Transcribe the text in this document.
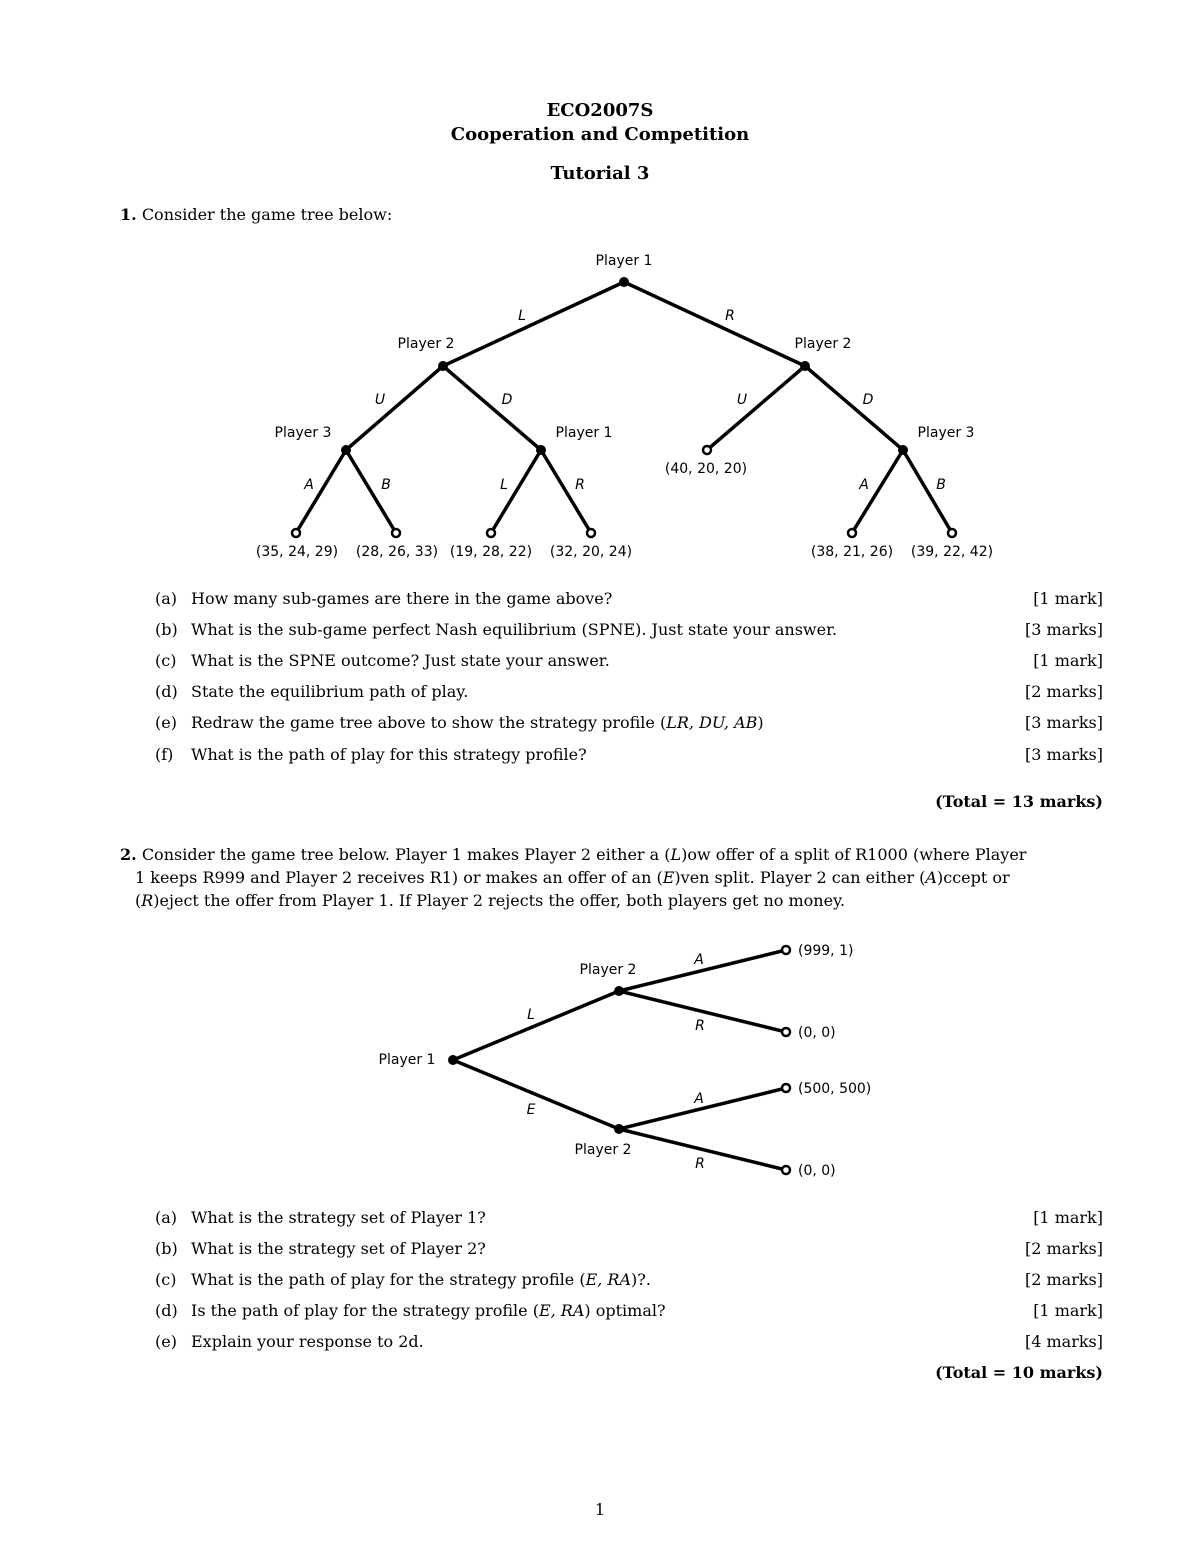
ECO2007S
Cooperation and Competition
Tutorial 3
1. Consider the game tree below:
Player 1
Player 2	Player 2
Player 3	Player 1	Player 3
L	R
U	D	U	D
A	B	L	R	A	B
(40, 20, 20)
(35, 24, 29) (28, 26, 33) (19, 28, 22) (32, 20, 24)	(38, 21, 26) (39, 22, 42)
(a) How many sub-games are there in the game above?	[1 mark]
(b) What is the sub-game perfect Nash equilibrium (SPNE). Just state your answer.	[3 marks]
(c) What is the SPNE outcome? Just state your answer.	[1 mark]
(d) State the equilibrium path of play.	[2 marks]
(e) Redraw the game tree above to show the strategy profile (LR, DU, AB)	[3 marks]
(f) What is the path of play for this strategy profile?	[3 marks]
(Total = 13 marks)
2. Consider the game tree below. Player 1 makes Player 2 either a (L)ow offer of a split of R1000 (where Player
1 keeps R999 and Player 2 receives R1) or makes an offer of an (E)ven split. Player 2 can either (A)ccept or
(R)eject the offer from Player 1. If Player 2 rejects the offer, both players get no money.
Player 1
Player 2
Player 2
L
E
A
R
A
R
(999, 1)
(0, 0)
(500, 500)
(0, 0)
(a) What is the strategy set of Player 1?	[1 mark]
(b) What is the strategy set of Player 2?	[2 marks]
(c) What is the path of play for the strategy profile (E, RA)?.	[2 marks]
(d) Is the path of play for the strategy profile (E, RA) optimal?	[1 mark]
(e) Explain your response to 2d.	[4 marks]
(Total = 10 marks)
1
